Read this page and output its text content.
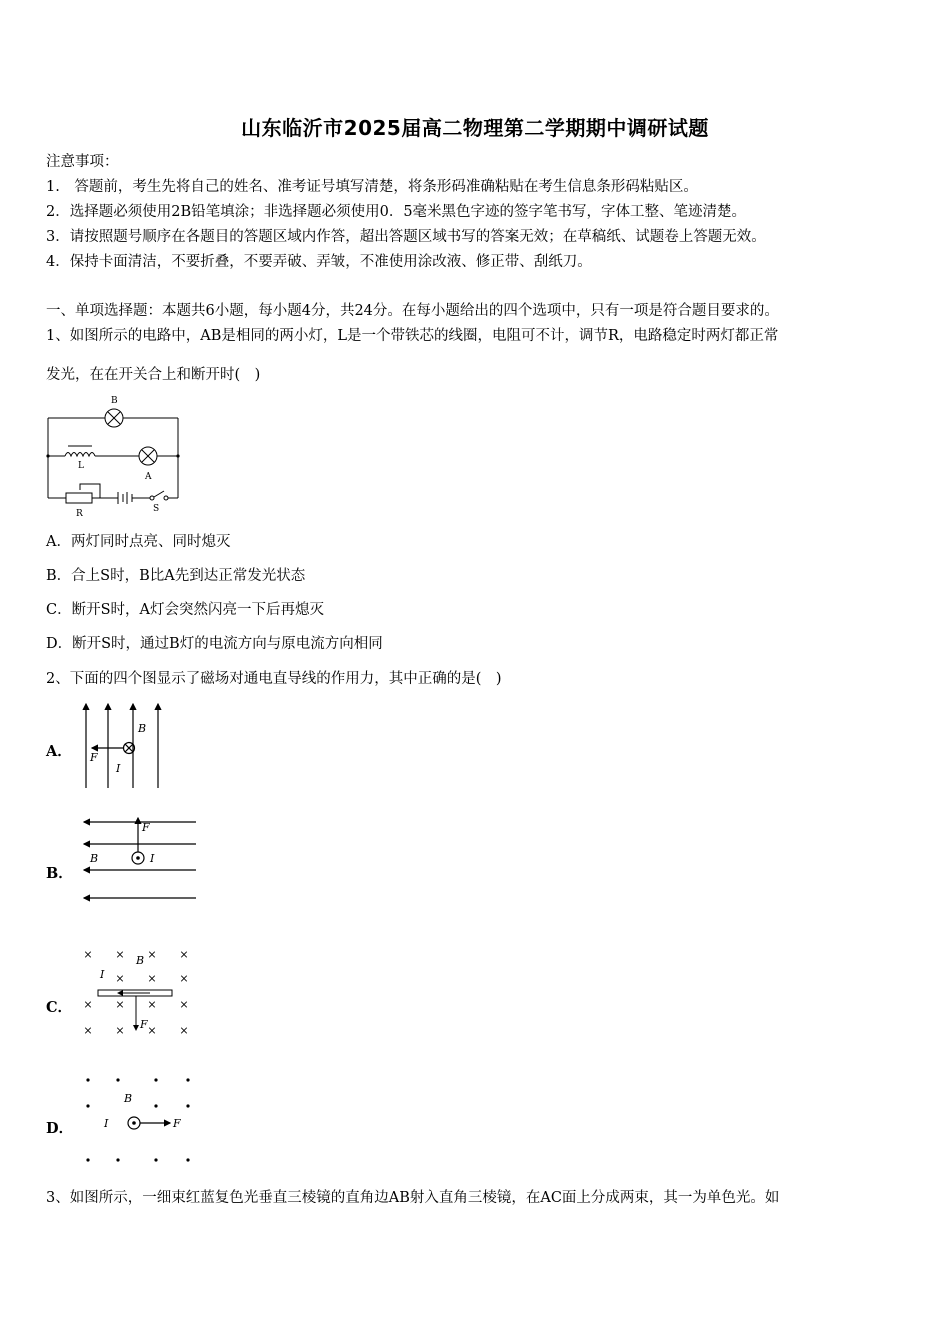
山东临沂市2025届高二物理第二学期期中调研试题
注意事项：
1.　答题前，考生先将自己的姓名、准考证号填写清楚，将条形码准确粘贴在考生信息条形码粘贴区。
2．选择题必须使用2B铅笔填涂；非选择题必须使用0．5毫米黑色字迹的签字笔书写，字体工整、笔迹清楚。
3．请按照题号顺序在各题目的答题区域内作答，超出答题区域书写的答案无效；在草稿纸、试题卷上答题无效。
4．保持卡面清洁，不要折叠，不要弄破、弄皱，不准使用涂改液、修正带、刮纸刀。
一、单项选择题：本题共6小题，每小题4分，共24分。在每小题给出的四个选项中，只有一项是符合题目要求的。
1、如图所示的电路中，AB是相同的两小灯，L是一个带铁芯的线圈，电阻可不计，调节R，电路稳定时两灯都正常
发光，在在开关合上和断开时(　)
B
L
A
R	S
A．两灯同时点亮、同时熄灭
B．合上S时，B比A先到达正常发光状态
C．断开S时，A灯会突然闪亮一下后再熄灭
D．断开S时，通过B灯的电流方向与原电流方向相同
2、下面的四个图显示了磁场对通电直导线的作用力，其中正确的是(　)
A．
B
F
I
B．
F
B	I
C．
× × × ×
× × ×
× × × ×
× × × ×
B
I
F
D．
B
I	F
3、如图所示，一细束红蓝复色光垂直三棱镜的直角边AB射入直角三棱镜，在AC面上分成两束，其一为单色光。如
